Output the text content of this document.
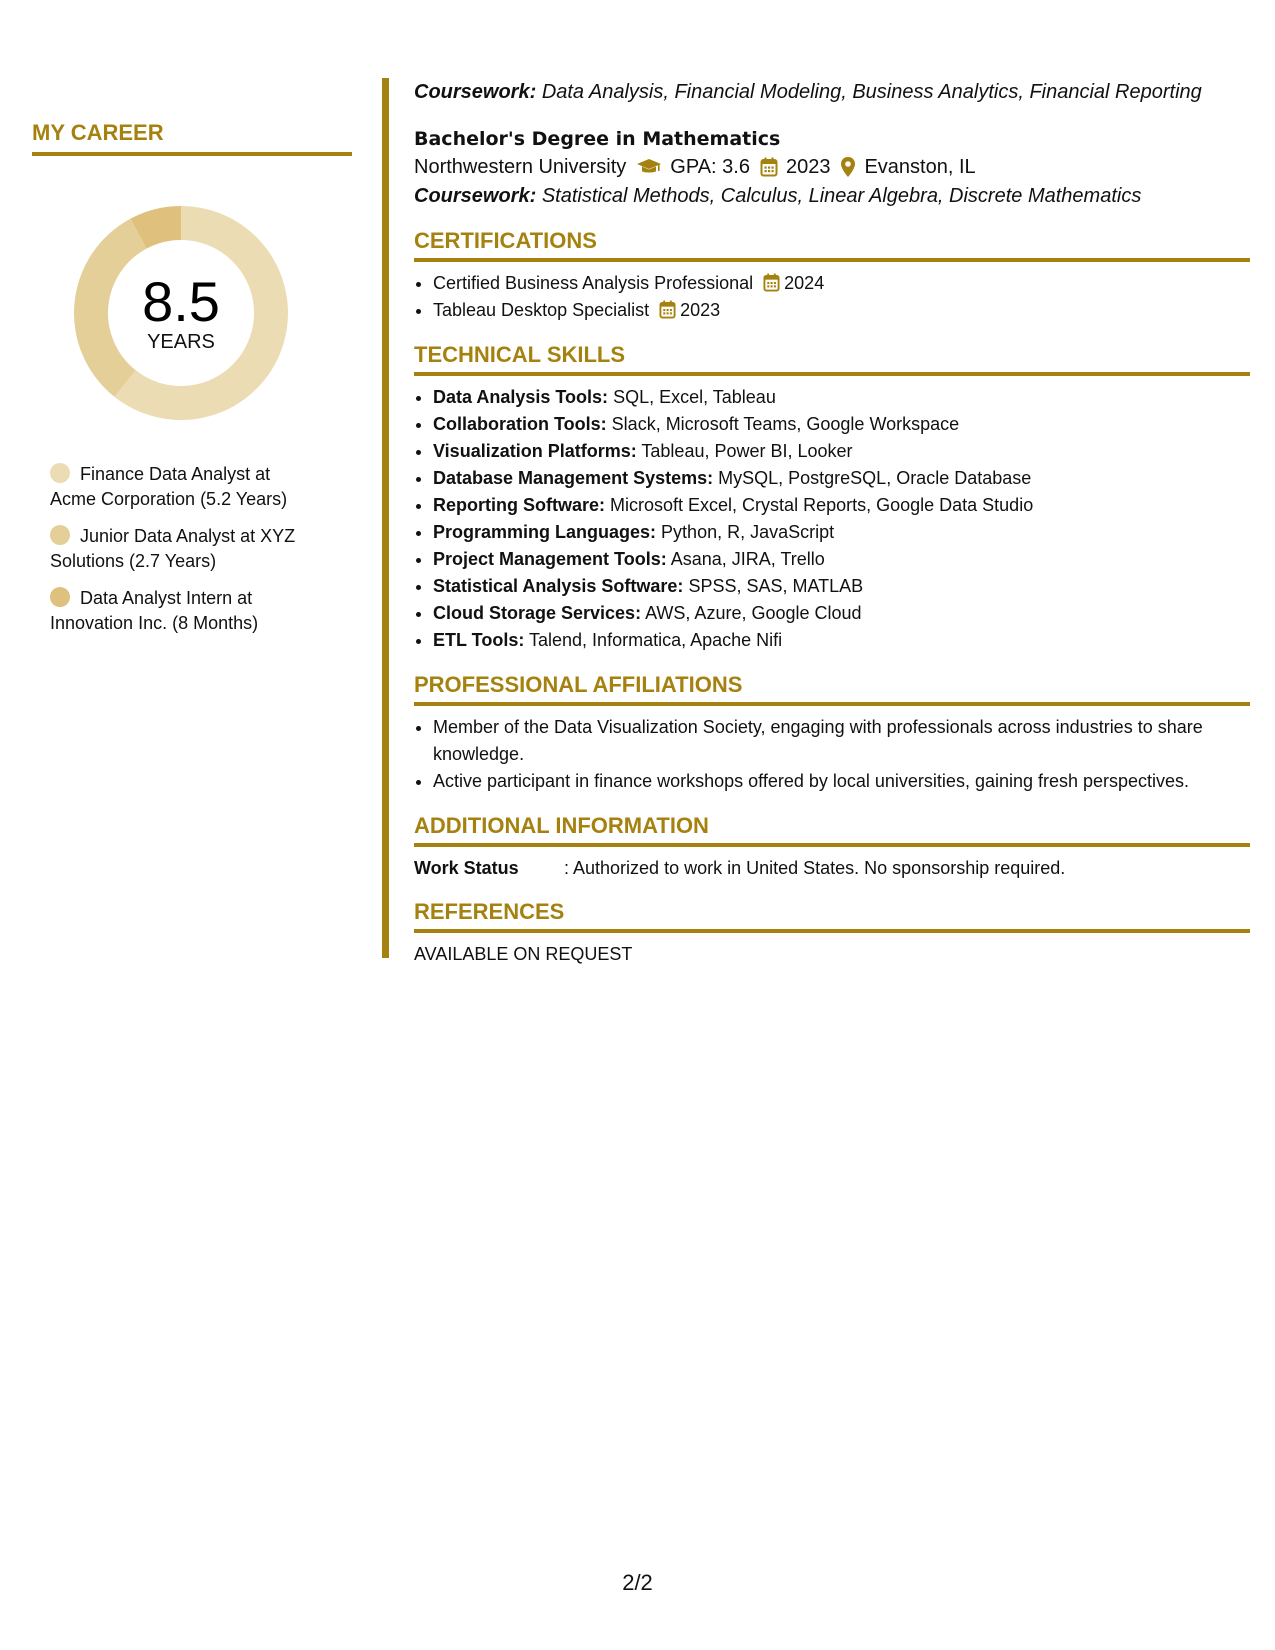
MY CAREER
8.5
YEARS
Finance Data Analyst at Acme Corporation (5.2 Years)
Junior Data Analyst at XYZ Solutions (2.7 Years)
Data Analyst Intern at Innovation Inc. (8 Months)

Coursework: Data Analysis, Financial Modeling, Business Analytics, Financial Reporting

Bachelor's Degree in Mathematics
Northwestern University GPA: 3.6 2023 Evanston, IL

Coursework: Statistical Methods, Calculus, Linear Algebra, Discrete Mathematics

CERTIFICATIONS
• Certified Business Analysis Professional 2024
• Tableau Desktop Specialist 2023
TECHNICAL SKILLS
• Data Analysis Tools: SQL, Excel, Tableau
• Collaboration Tools: Slack, Microsoft Teams, Google Workspace
• Visualization Platforms: Tableau, Power BI, Looker
• Database Management Systems: MySQL, PostgreSQL, Oracle Database
• Reporting Software: Microsoft Excel, Crystal Reports, Google Data Studio
• Programming Languages: Python, R, JavaScript
• Project Management Tools: Asana, JIRA, Trello
• Statistical Analysis Software: SPSS, SAS, MATLAB
• Cloud Storage Services: AWS, Azure, Google Cloud
• ETL Tools: Talend, Informatica, Apache Nifi
PROFESSIONAL AFFILIATIONS
• Member of the Data Visualization Society, engaging with professionals across industries to share knowledge.
• Active participant in finance workshops offered by local universities, gaining fresh perspectives.
ADDITIONAL INFORMATION
Work Status	: Authorized to work in United States. No sponsorship required.
REFERENCES
AVAILABLE ON REQUEST
2/2
